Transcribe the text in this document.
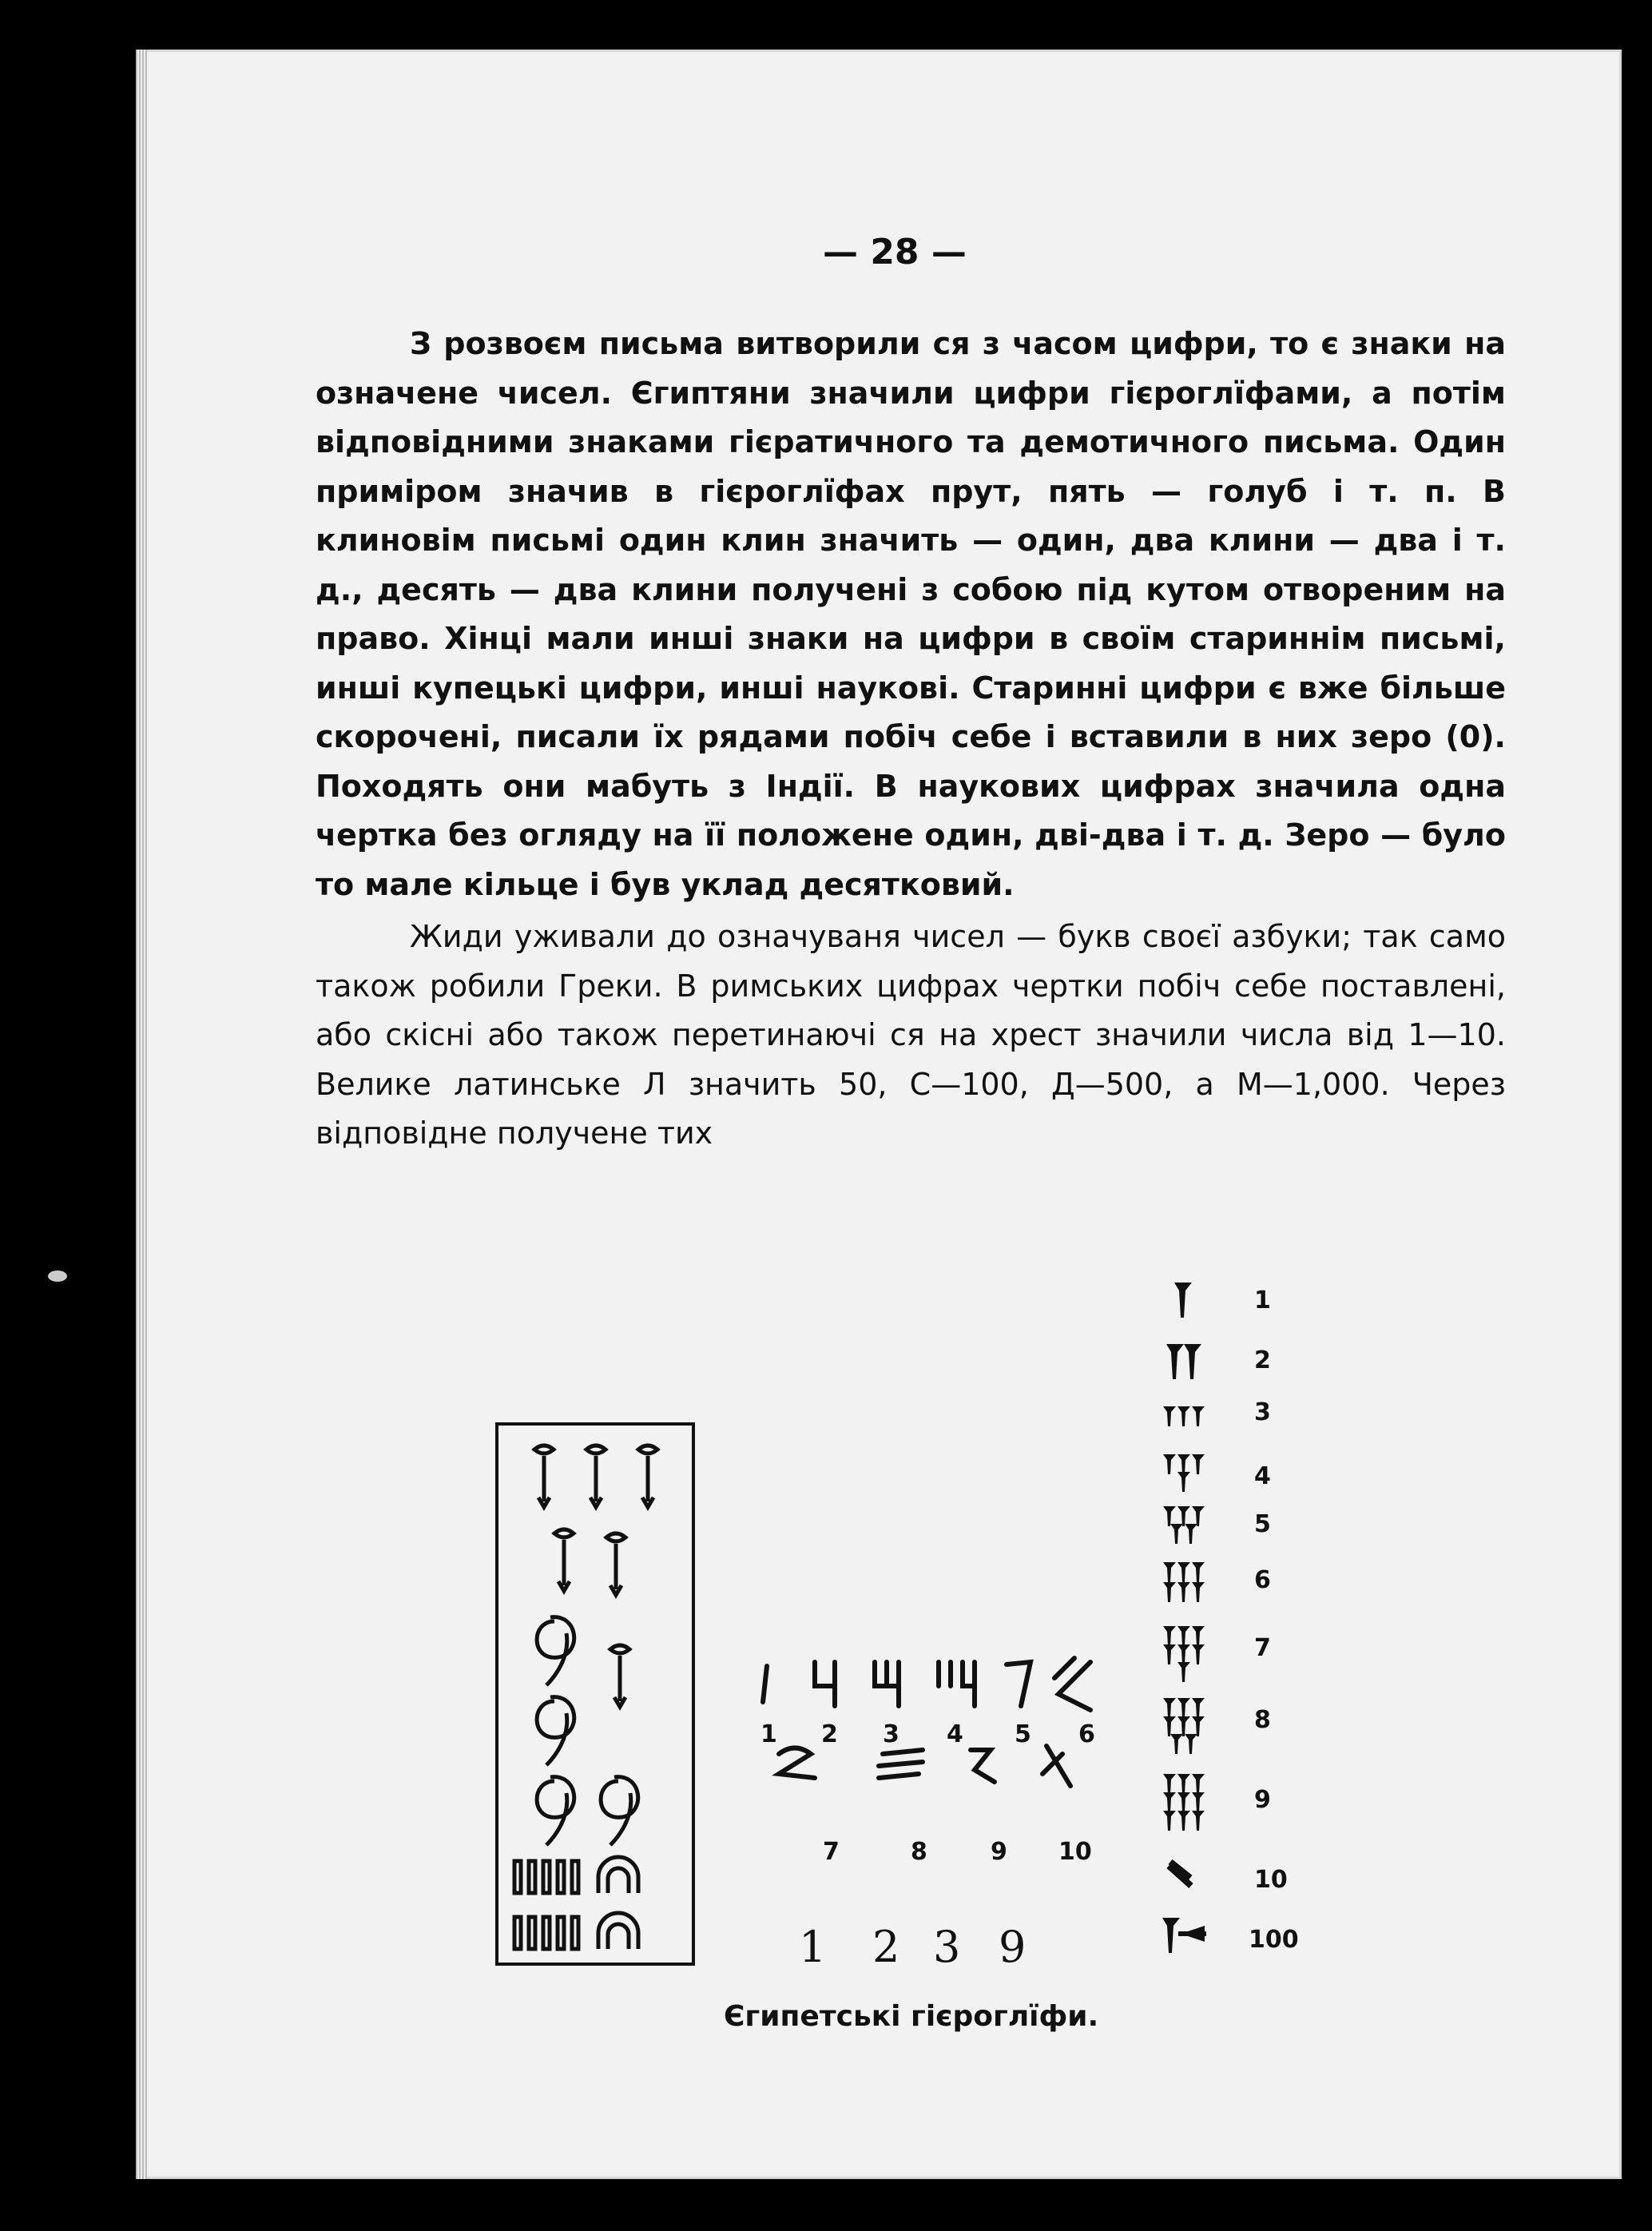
— 28 —

З розвоєм письма витворили ся з часом цифри, то є знаки на означене чисел. Єгиптяни значили цифри гієроглїфами, а потім відповідними знаками гієратичного та демотичного письма. Один приміром значив в гієроглїфах прут, пять — голуб і т. п. В клиновім письмі один клин значить — один, два клини — два і т. д., десять — два клини получені з собою під кутом отвореним на право. Хінці мали инші знаки на цифри в своїм стариннім письмі, инші купецькі цифри, инші наукові. Старинні цифри є вже більше скорочені, писали їх рядами побіч себе і вставили в них зеро (0). Походять они мабуть з Індії. В наукових цифрах значила одна чертка без огляду на її положене один, дві-два і т. д. Зеро — було то мале кільце і був уклад десятковий.

Жиди уживали до означуваня чисел — букв своєї азбуки; так само також робили Греки. В римських цифрах чертки побіч себе поставлені, або скісні або також перетинаючі ся на хрест значили числа від 1—10. Велике латинське Л значить 50, С—100, Д—500, а М—1,000. Через відповідне получене тих

1 2 3 4 5 6
7	8	9 10
1 2 3 9
Єгипетські гієроглїфи.
1
2
3
4
5
6
7
8
9
10
100
